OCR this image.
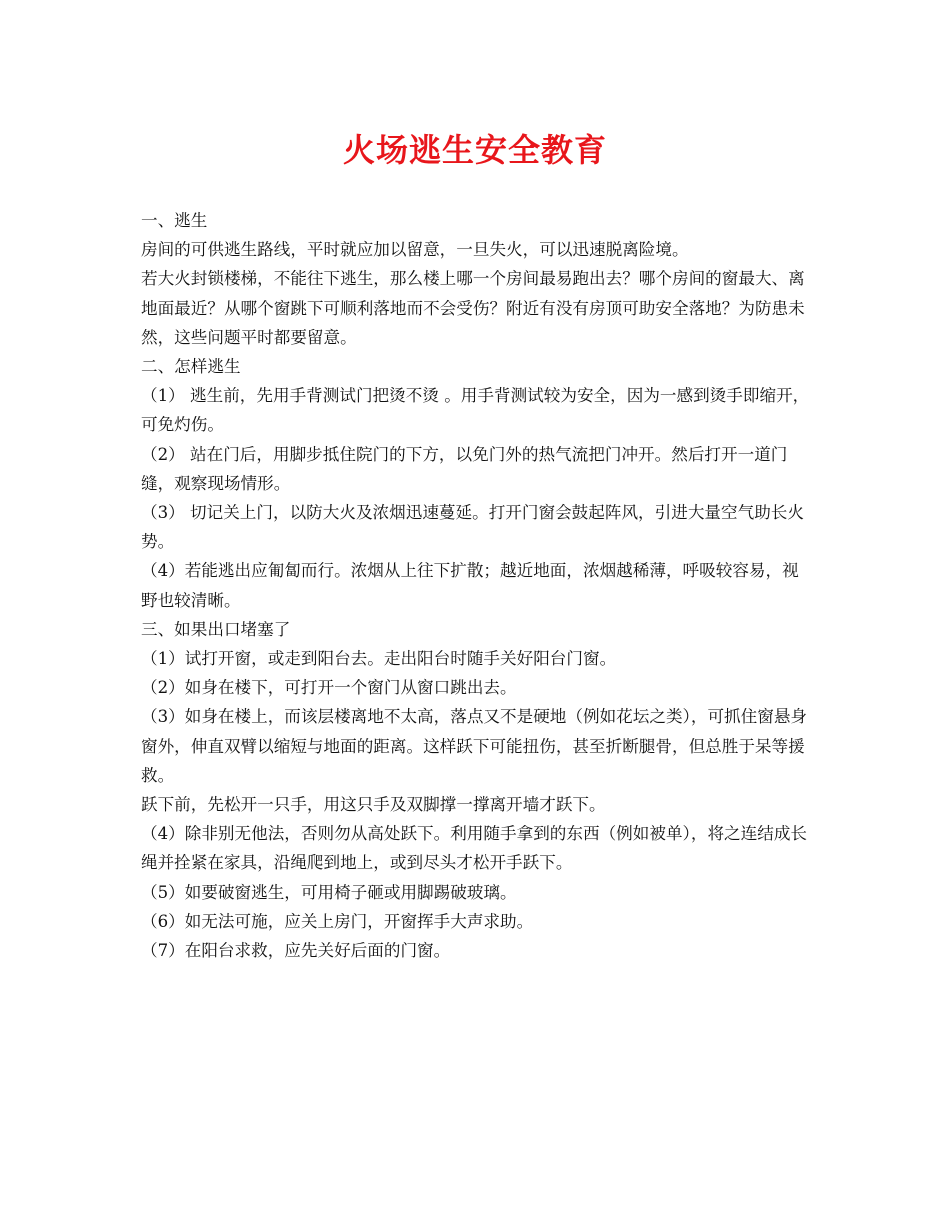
火场逃生安全教育

一、逃生

房间的可供逃生路线，平时就应加以留意，一旦失火，可以迅速脱离险境。

若大火封锁楼梯，不能往下逃生，那么楼上哪一个房间最易跑出去？哪个房间的窗最大、离地面最近？从哪个窗跳下可顺利落地而不会受伤？附近有没有房顶可助安全落地？为防患未然，这些问题平时都要留意。

二、怎样逃生

（1） 逃生前，先用手背测试门把烫不烫 。用手背测试较为安全，因为一感到烫手即缩开，可免灼伤。

（2） 站在门后，用脚步抵住院门的下方，以免门外的热气流把门冲开。然后打开一道门缝，观察现场情形。

（3） 切记关上门，以防大火及浓烟迅速蔓延。打开门窗会鼓起阵风，引进大量空气助长火势。

（4）若能逃出应匍匐而行。浓烟从上往下扩散；越近地面，浓烟越稀薄，呼吸较容易，视野也较清晰。

三、如果出口堵塞了

（1）试打开窗，或走到阳台去。走出阳台时随手关好阳台门窗。

（2）如身在楼下，可打开一个窗门从窗口跳出去。

（3）如身在楼上，而该层楼离地不太高，落点又不是硬地（例如花坛之类），可抓住窗悬身窗外，伸直双臂以缩短与地面的距离。这样跃下可能扭伤，甚至折断腿骨，但总胜于呆等援救。

跃下前，先松开一只手，用这只手及双脚撑一撑离开墙才跃下。

（4）除非别无他法，否则勿从高处跃下。利用随手拿到的东西（例如被单），将之连结成长绳并拴紧在家具，沿绳爬到地上，或到尽头才松开手跃下。

（5）如要破窗逃生，可用椅子砸或用脚踢破玻璃。

（6）如无法可施，应关上房门，开窗挥手大声求助。

（7）在阳台求救，应先关好后面的门窗。
